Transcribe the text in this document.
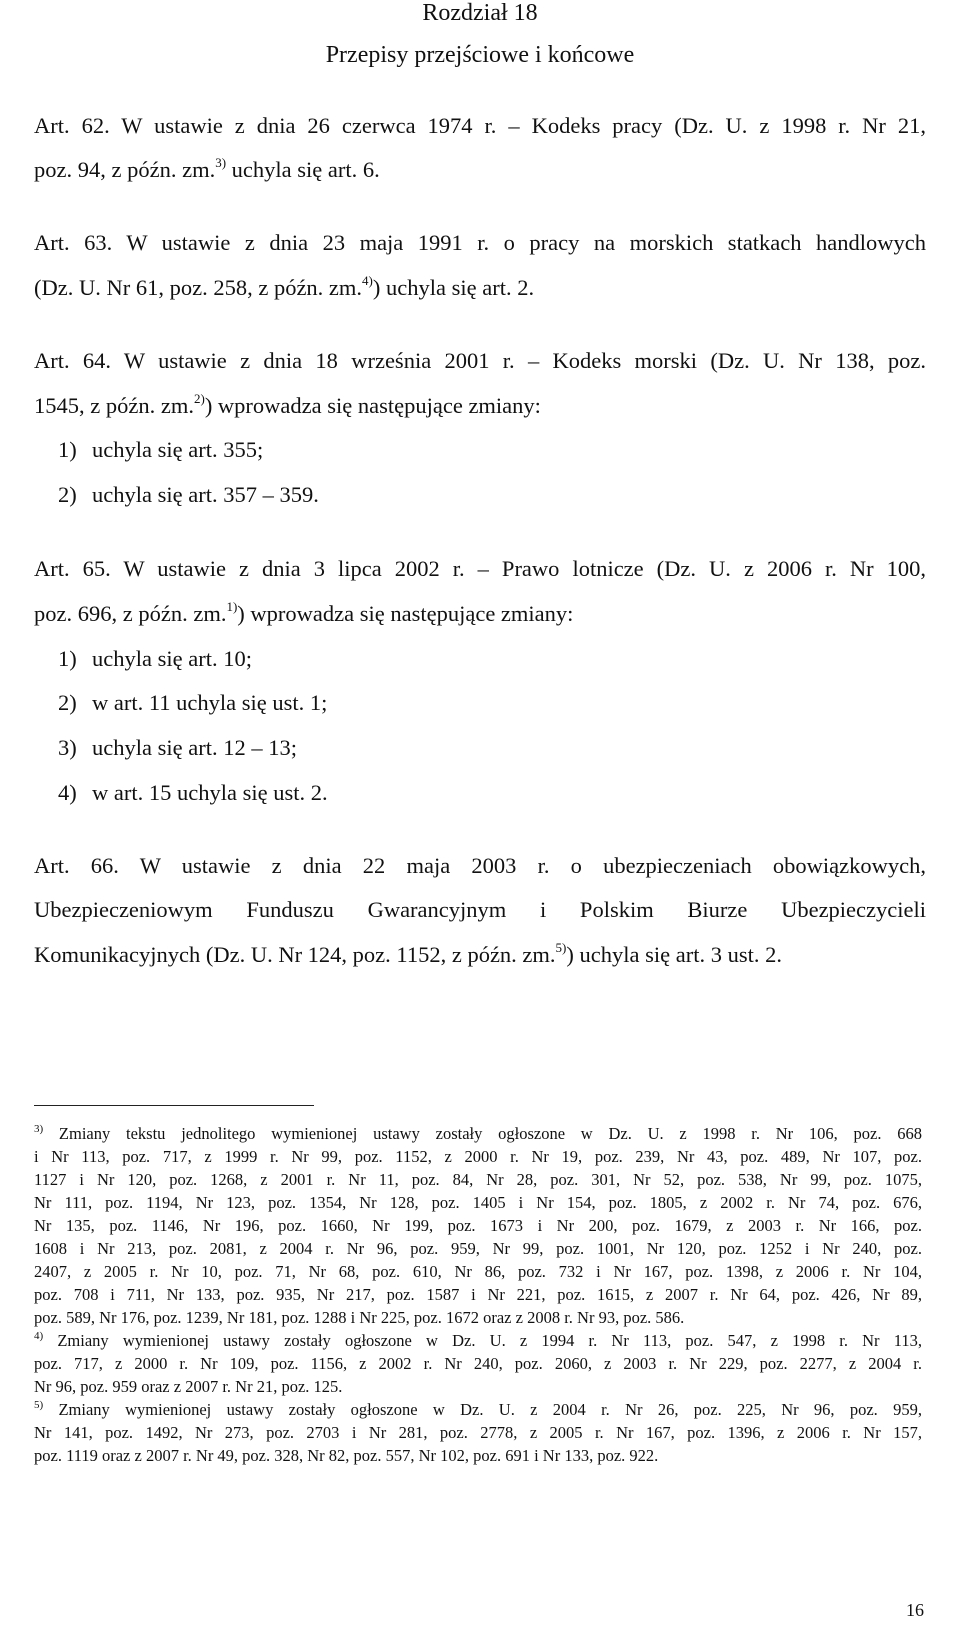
Rozdział 18
Przepisy przejściowe i końcowe
Art. 62. W ustawie z dnia 26 czerwca 1974 r. – Kodeks pracy (Dz. U. z 1998 r. Nr 21,
poz. 94, z późn. zm.$^{3)}$ uchyla się art. 6.
Art. 63. W ustawie z dnia 23 maja 1991 r. o pracy na morskich statkach handlowych
(Dz. U. Nr 61, poz. 258, z późn. zm.$^{4)}$) uchyla się art. 2.
Art. 64. W ustawie z dnia 18 września 2001 r. – Kodeks morski (Dz. U. Nr 138, poz.
1545, z późn. zm.$^{2)}$) wprowadza się następujące zmiany:
1) uchyla się art. 355;
2) uchyla się art. 357 – 359.
Art. 65. W ustawie z dnia 3 lipca 2002 r. – Prawo lotnicze (Dz. U. z 2006 r. Nr 100,
poz. 696, z późn. zm.$^{1)}$) wprowadza się następujące zmiany:
1) uchyla się art. 10;
2) w art. 11 uchyla się ust. 1;
3) uchyla się art. 12 – 13;
4) w art. 15 uchyla się ust. 2.
Art. 66. W ustawie z dnia 22 maja 2003 r. o ubezpieczeniach obowiązkowych,
Ubezpieczeniowym Funduszu Gwarancyjnym i Polskim Biurze Ubezpieczycieli
Komunikacyjnych (Dz. U. Nr 124, poz. 1152, z późn. zm.$^{5)}$) uchyla się art. 3 ust. 2.
$^{3)}$ Zmiany tekstu jednolitego wymienionej ustawy zostały ogłoszone w Dz. U. z 1998 r. Nr 106, poz. 668
i Nr 113, poz. 717, z 1999 r. Nr 99, poz. 1152, z 2000 r. Nr 19, poz. 239, Nr 43, poz. 489, Nr 107, poz.
1127 i Nr 120, poz. 1268, z 2001 r. Nr 11, poz. 84, Nr 28, poz. 301, Nr 52, poz. 538, Nr 99, poz. 1075,
Nr 111, poz. 1194, Nr 123, poz. 1354, Nr 128, poz. 1405 i Nr 154, poz. 1805, z 2002 r. Nr 74, poz. 676,
Nr 135, poz. 1146, Nr 196, poz. 1660, Nr 199, poz. 1673 i Nr 200, poz. 1679, z 2003 r. Nr 166, poz.
1608 i Nr 213, poz. 2081, z 2004 r. Nr 96, poz. 959, Nr 99, poz. 1001, Nr 120, poz. 1252 i Nr 240, poz.
2407, z 2005 r. Nr 10, poz. 71, Nr 68, poz. 610, Nr 86, poz. 732 i Nr 167, poz. 1398, z 2006 r. Nr 104,
poz. 708 i 711, Nr 133, poz. 935, Nr 217, poz. 1587 i Nr 221, poz. 1615, z 2007 r. Nr 64, poz. 426, Nr 89,
poz. 589, Nr 176, poz. 1239, Nr 181, poz. 1288 i Nr 225, poz. 1672 oraz z 2008 r. Nr 93, poz. 586.
$^{4)}$ Zmiany wymienionej ustawy zostały ogłoszone w Dz. U. z 1994 r. Nr 113, poz. 547, z 1998 r. Nr 113,
poz. 717, z 2000 r. Nr 109, poz. 1156, z 2002 r. Nr 240, poz. 2060, z 2003 r. Nr 229, poz. 2277, z 2004 r.
Nr 96, poz. 959 oraz z 2007 r. Nr 21, poz. 125.
$^{5)}$ Zmiany wymienionej ustawy zostały ogłoszone w Dz. U. z 2004 r. Nr 26, poz. 225, Nr 96, poz. 959,
Nr 141, poz. 1492, Nr 273, poz. 2703 i Nr 281, poz. 2778, z 2005 r. Nr 167, poz. 1396, z 2006 r. Nr 157,
poz. 1119 oraz z 2007 r. Nr 49, poz. 328, Nr 82, poz. 557, Nr 102, poz. 691 i Nr 133, poz. 922.
16
